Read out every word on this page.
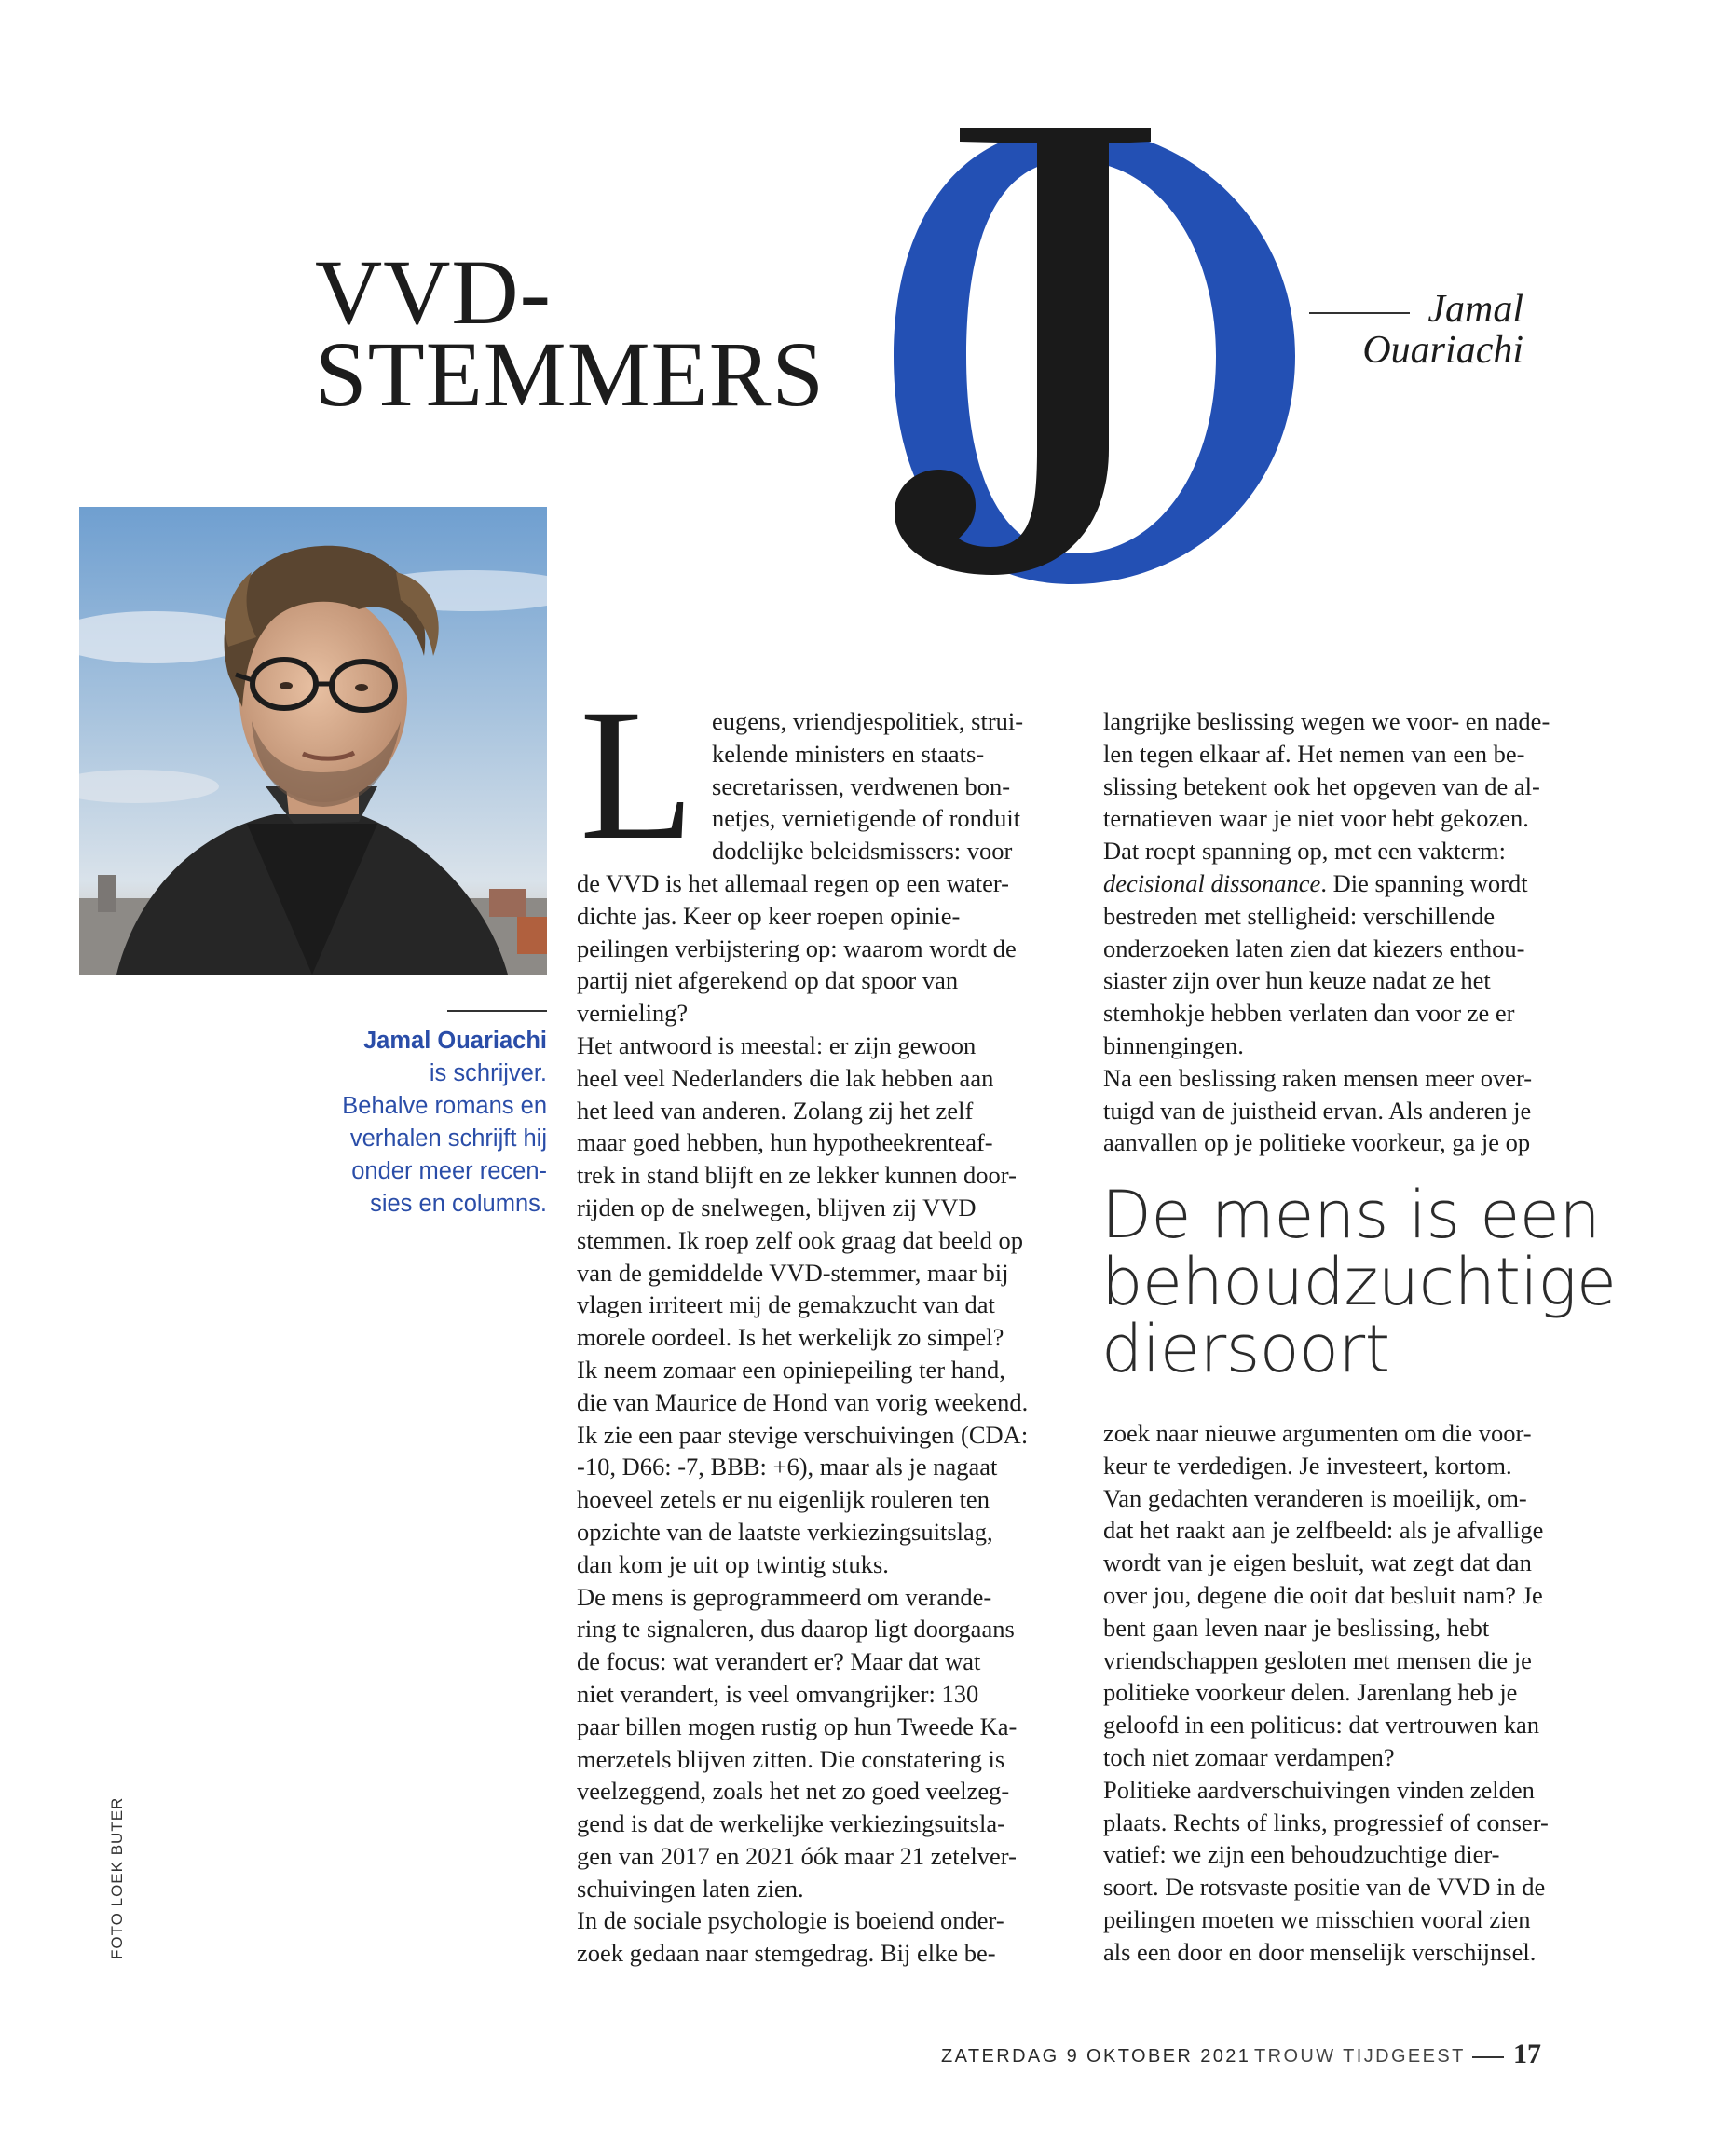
VVD-
STEMMERS
Jamal
Ouariachi
Jamal Ouariachi
is schrijver.
Behalve romans en
verhalen schrijft hij
onder meer recen-
sies en columns.
FOTO LOEK BUTER
L eugens, vriendjespolitiek, strui-
kelende ministers en staats-
secretarissen, verdwenen bon-
netjes, vernietigende of ronduit
dodelijke beleidsmissers: voor
de VVD is het allemaal regen op een water-
dichte jas. Keer op keer roepen opinie-
peilingen verbijstering op: waarom wordt de
partij niet afgerekend op dat spoor van
vernieling?
Het antwoord is meestal: er zijn gewoon
heel veel Nederlanders die lak hebben aan
het leed van anderen. Zolang zij het zelf
maar goed hebben, hun hypotheekrenteaf-
trek in stand blijft en ze lekker kunnen door-
rijden op de snelwegen, blijven zij VVD
stemmen. Ik roep zelf ook graag dat beeld op
van de gemiddelde VVD-stemmer, maar bij
vlagen irriteert mij de gemakzucht van dat
morele oordeel. Is het werkelijk zo simpel?
Ik neem zomaar een opiniepeiling ter hand,
die van Maurice de Hond van vorig weekend.
Ik zie een paar stevige verschuivingen (CDA:
-10, D66: -7, BBB: +6), maar als je nagaat
hoeveel zetels er nu eigenlijk rouleren ten
opzichte van de laatste verkiezingsuitslag,
dan kom je uit op twintig stuks.
De mens is geprogrammeerd om verande-
ring te signaleren, dus daarop ligt doorgaans
de focus: wat verandert er? Maar dat wat
niet verandert, is veel omvangrijker: 130
paar billen mogen rustig op hun Tweede Ka-
merzetels blijven zitten. Die constatering is
veelzeggend, zoals het net zo goed veelzeg-
gend is dat de werkelijke verkiezingsuitsla-
gen van 2017 en 2021 óók maar 21 zetelver-
schuivingen laten zien.
In de sociale psychologie is boeiend onder-
zoek gedaan naar stemgedrag. Bij elke be-
langrijke beslissing wegen we voor- en nade-
len tegen elkaar af. Het nemen van een be-
slissing betekent ook het opgeven van de al-
ternatieven waar je niet voor hebt gekozen.
Dat roept spanning op, met een vakterm:
decisional dissonance. Die spanning wordt
bestreden met stelligheid: verschillende
onderzoeken laten zien dat kiezers enthou-
siaster zijn over hun keuze nadat ze het
stemhokje hebben verlaten dan voor ze er
binnengingen.
Na een beslissing raken mensen meer over-
tuigd van de juistheid ervan. Als anderen je
aanvallen op je politieke voorkeur, ga je op
De mens is een
behoudzuchtige
diersoort
zoek naar nieuwe argumenten om die voor-
keur te verdedigen. Je investeert, kortom.
Van gedachten veranderen is moeilijk, om-
dat het raakt aan je zelfbeeld: als je afvallige
wordt van je eigen besluit, wat zegt dat dan
over jou, degene die ooit dat besluit nam? Je
bent gaan leven naar je beslissing, hebt
vriendschappen gesloten met mensen die je
politieke voorkeur delen. Jarenlang heb je
geloofd in een politicus: dat vertrouwen kan
toch niet zomaar verdampen?
Politieke aardverschuivingen vinden zelden
plaats. Rechts of links, progressief of conser-
vatief: we zijn een behoudzuchtige dier-
soort. De rotsvaste positie van de VVD in de
peilingen moeten we misschien vooral zien
als een door en door menselijk verschijnsel.
ZATERDAG 9 OKTOBER 2021 TROUW TIJDGEEST 17
